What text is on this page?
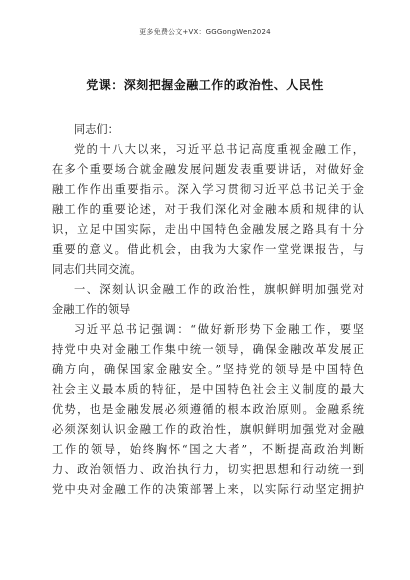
更多免费公文+VX：GGGongWen2024
党课：深刻把握金融工作的政治性、人民性
同志们：
党的十八大以来，习近平总书记高度重视金融工作，
在多个重要场合就金融发展问题发表重要讲话，对做好金
融工作作出重要指示。深入学习贯彻习近平总书记关于金
融工作的重要论述，对于我们深化对金融本质和规律的认
识，立足中国实际，走出中国特色金融发展之路具有十分
重要的意义。借此机会，由我为大家作一堂党课报告，与
同志们共同交流。
一、深刻认识金融工作的政治性，旗帜鲜明加强党对
金融工作的领导
习近平总书记强调：“做好新形势下金融工作，要坚
持党中央对金融工作集中统一领导，确保金融改革发展正
确方向，确保国家金融安全。”坚持党的领导是中国特色
社会主义最本质的特征，是中国特色社会主义制度的最大
优势，也是金融发展必须遵循的根本政治原则。金融系统
必须深刻认识金融工作的政治性，旗帜鲜明加强党对金融
工作的领导，始终胸怀“国之大者”，不断提高政治判断
力、政治领悟力、政治执行力，切实把思想和行动统一到
党中央对金融工作的决策部署上来，以实际行动坚定拥护
